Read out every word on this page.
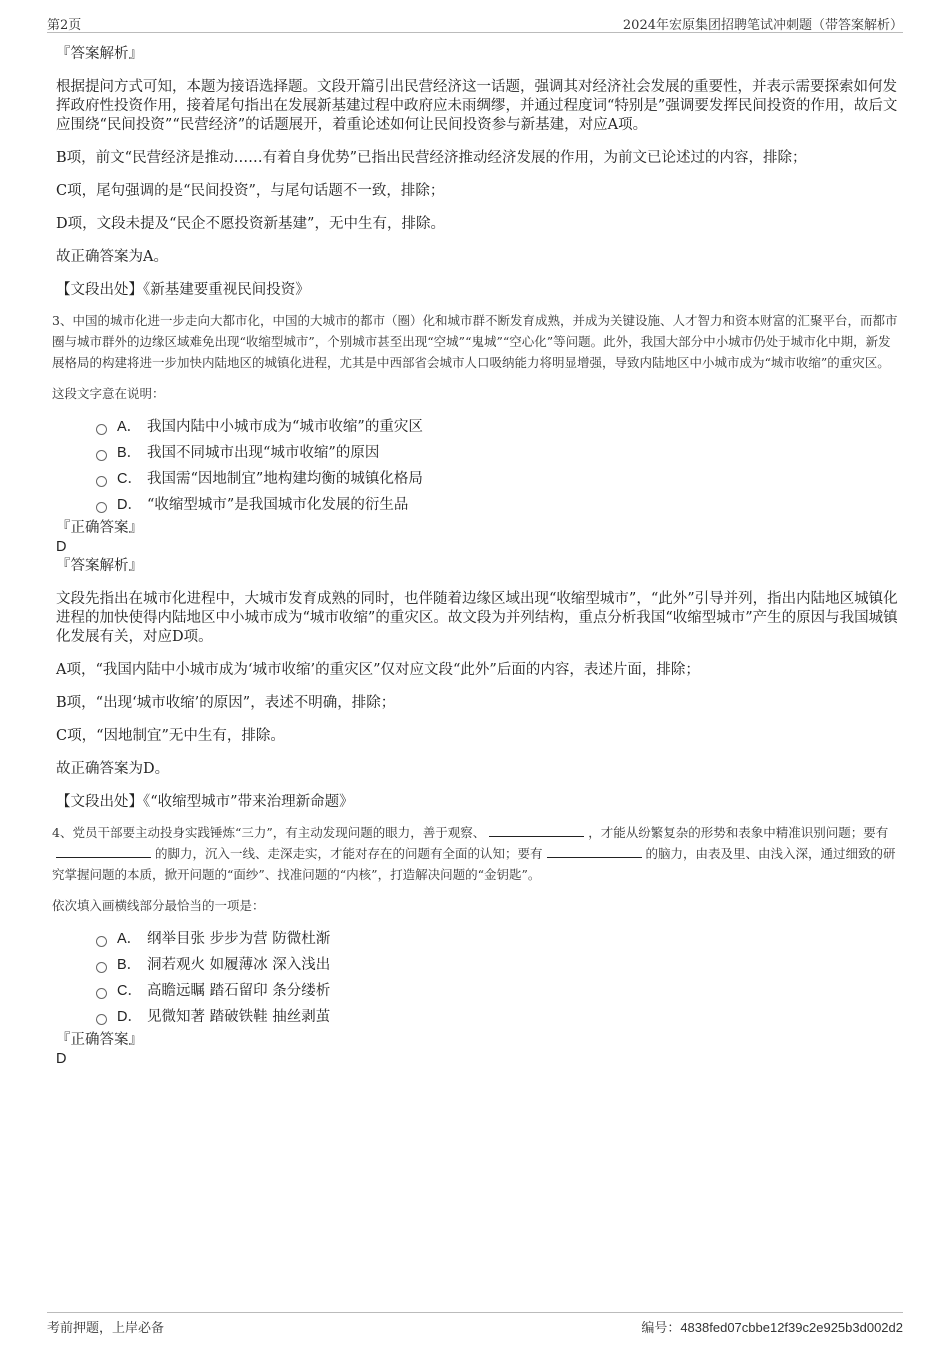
第2页	2024年宏原集团招聘笔试冲刺题（带答案解析）

『答案解析』

根据提问方式可知，本题为接语选择题。文段开篇引出民营经济这一话题，强调其对经济社会发展的重要性，并表示需要探索如何发挥政府性投资作用，接着尾句指出在发展新基建过程中政府应未雨绸缪，并通过程度词“特别是”强调要发挥民间投资的作用，故后文应围绕“民间投资”“民营经济”的话题展开，着重论述如何让民间投资参与新基建，对应A项。

B项，前文“民营经济是推动……有着自身优势”已指出民营经济推动经济发展的作用，为前文已论述过的内容，排除；

C项，尾句强调的是“民间投资”，与尾句话题不一致，排除；

D项，文段未提及“民企不愿投资新基建”，无中生有，排除。

故正确答案为A。

【文段出处】《新基建要重视民间投资》

3、中国的城市化进一步走向大都市化，中国的大城市的都市（圈）化和城市群不断发育成熟，并成为关键设施、人才智力和资本财富的汇聚平台，而都市圈与城市群外的边缘区域难免出现“收缩型城市”，个别城市甚至出现“空城”“鬼城”“空心化”等问题。此外，我国大部分中小城市仍处于城市化中期，新发展格局的构建将进一步加快内陆地区的城镇化进程，尤其是中西部省会城市人口吸纳能力将明显增强，导致内陆地区中小城市成为“城市收缩”的重灾区。

这段文字意在说明：

A． 我国内陆中小城市成为“城市收缩”的重灾区
B． 我国不同城市出现“城市收缩”的原因
C． 我国需“因地制宜”地构建均衡的城镇化格局
D． “收缩型城市”是我国城市化发展的衍生品

『正确答案』

D

『答案解析』

文段先指出在城市化进程中，大城市发育成熟的同时，也伴随着边缘区域出现“收缩型城市”，“此外”引导并列，指出内陆地区城镇化进程的加快使得内陆地区中小城市成为“城市收缩”的重灾区。故文段为并列结构，重点分析我国“收缩型城市”产生的原因与我国城镇化发展有关，对应D项。

A项，“我国内陆中小城市成为‘城市收缩’的重灾区”仅对应文段“此外”后面的内容，表述片面，排除；

B项，“出现‘城市收缩’的原因”，表述不明确，排除；

C项，“因地制宜”无中生有，排除。

故正确答案为D。

【文段出处】《“收缩型城市”带来治理新命题》

4、党员干部要主动投身实践锤炼“三力”，有主动发现问题的眼力，善于观察、	，才能从纷繁复杂的形势和表象中精准识别问题；要有的脚力，沉入一线、走深走实，才能对存在的问题有全面的认知；要有	的脑力，由表及里、由浅入深，通过细致的研究掌握问题的本质，掀开问题的“面纱”、找准问题的“内核”，打造解决问题的“金钥匙”。

依次填入画横线部分最恰当的一项是：

A． 纲举目张 步步为营 防微杜渐
B． 洞若观火 如履薄冰 深入浅出
C． 高瞻远瞩 踏石留印 条分缕析
D． 见微知著 踏破铁鞋 抽丝剥茧

『正确答案』

D

考前押题，上岸必备	编号：4838fed07cbbe12f39c2e925b3d002d2
